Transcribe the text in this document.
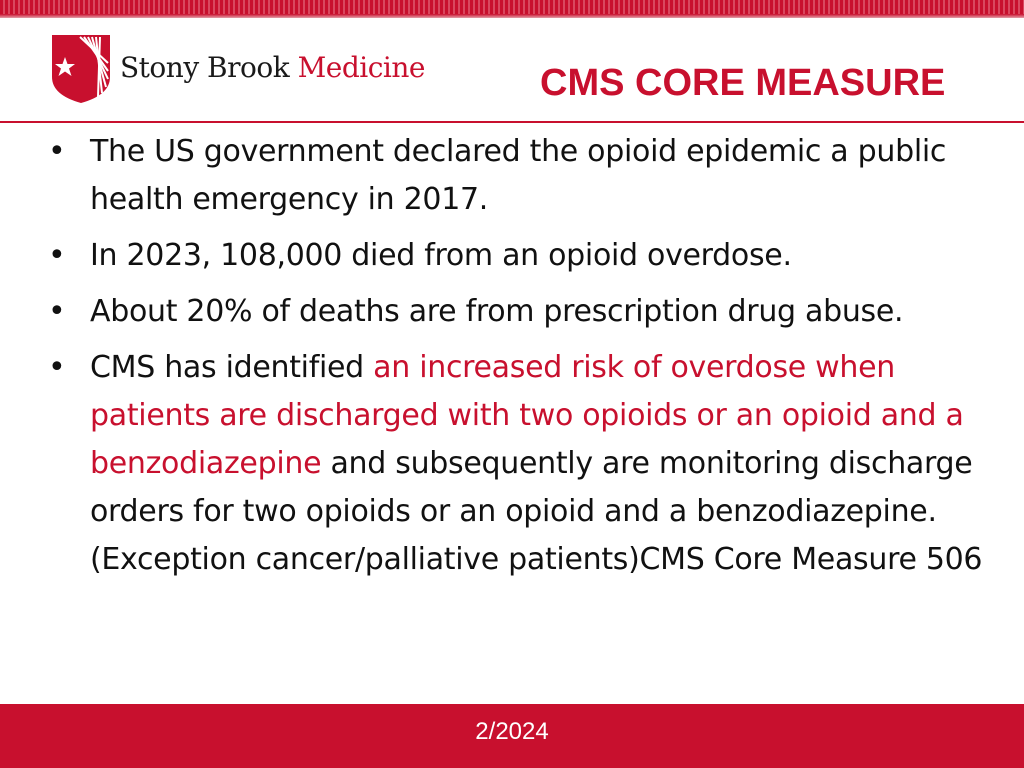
Stony Brook Medicine	CMS CORE MEASURE
• The US government declared the opioid epidemic a public health emergency in 2017.
• In 2023, 108,000 died from an opioid overdose.
• About 20% of deaths are from prescription drug abuse.
• CMS has identified an increased risk of overdose when patients are discharged with two opioids or an opioid and a benzodiazepine and subsequently are monitoring discharge orders for two opioids or an opioid and a benzodiazepine. (Exception cancer/palliative patients)CMS Core Measure 506
2/2024
